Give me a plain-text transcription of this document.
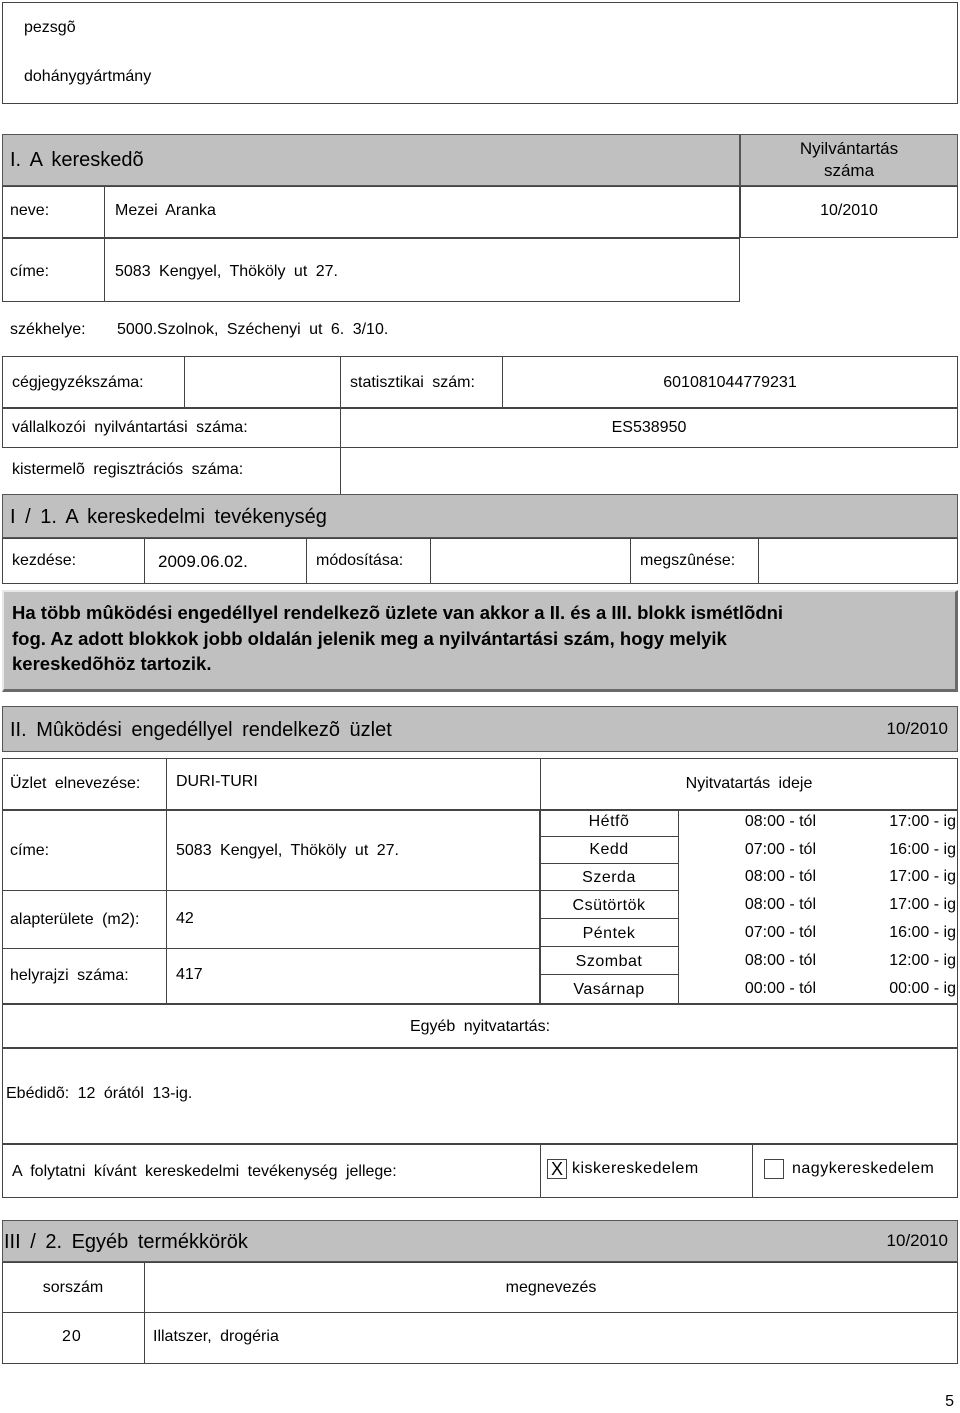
pezsgõ
dohánygyártmány
I. A kereskedõ
Nyilvántartás
száma
neve:	Mezei Aranka	10/2010
címe:	5083 Kengyel, Thököly ut 27.
székhelye: 5000.Szolnok, Széchenyi ut 6. 3/10.
cégjegyzékszáma:	statisztikai szám:	601081044779231
vállalkozói nyilvántartási száma:	ES538950
kistermelõ regisztrációs száma:
I / 1. A kereskedelmi tevékenység
kezdése:	2009.06.02.	módosítása:	megszûnése:
Ha több mûködési engedéllyel rendelkezõ üzlete van akkor a II. és a III. blokk ismétlõdni
fog. Az adott blokkok jobb oldalán jelenik meg a nyilvántartási szám, hogy melyik
kereskedõhöz tartozik.
II. Mûködési engedéllyel rendelkezõ üzlet	10/2010
Üzlet elnevezése: DURI-TURI	Nyitvatartás ideje
címe:	5083 Kengyel, Thököly ut 27.
alapterülete (m2): 42
helyrajzi száma:	417
Hétfõ	08:00 - tól	17:00 - ig
Kedd	07:00 - tól	16:00 - ig
Szerda	08:00 - tól	17:00 - ig
Csütörtök	08:00 - tól	17:00 - ig
Péntek	07:00 - tól	16:00 - ig
Szombat	08:00 - tól	12:00 - ig
Vasárnap	00:00 - tól	00:00 - ig
Egyéb nyitvatartás:
Ebédidõ: 12 órától 13-ig.
A folytatni kívánt kereskedelmi tevékenység jellege:	X kiskereskedelem	nagykereskedelem
III / 2. Egyéb termékkörök	10/2010
sorszám	megnevezés
20	Illatszer, drogéria
5
